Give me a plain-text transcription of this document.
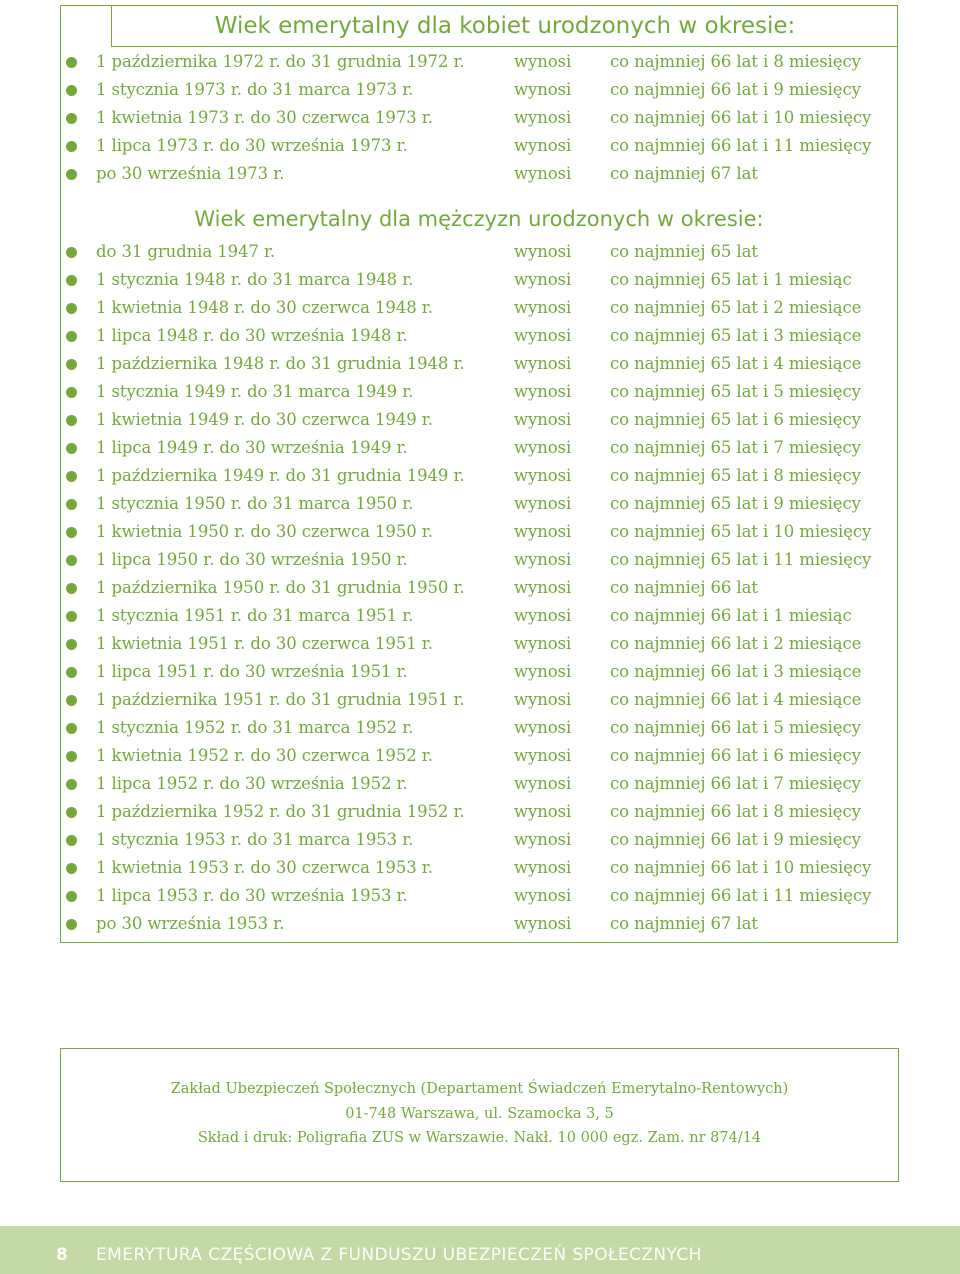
Wiek emerytalny dla kobiet urodzonych w okresie:
1 października 1972 r. do 31 grudnia 1972 r.	wynosi co najmniej 66 lat i 8 miesięcy
1 stycznia 1973 r. do 31 marca 1973 r.	wynosi co najmniej 66 lat i 9 miesięcy
1 kwietnia 1973 r. do 30 czerwca 1973 r.	wynosi co najmniej 66 lat i 10 miesięcy
1 lipca 1973 r. do 30 września 1973 r.	wynosi co najmniej 66 lat i 11 miesięcy
po 30 września 1973 r.	wynosi co najmniej 67 lat
Wiek emerytalny dla mężczyzn urodzonych w okresie:
do 31 grudnia 1947 r.	wynosi co najmniej 65 lat
1 stycznia 1948 r. do 31 marca 1948 r.	wynosi co najmniej 65 lat i 1 miesiąc
1 kwietnia 1948 r. do 30 czerwca 1948 r.	wynosi co najmniej 65 lat i 2 miesiące
1 lipca 1948 r. do 30 września 1948 r.	wynosi co najmniej 65 lat i 3 miesiące
1 października 1948 r. do 31 grudnia 1948 r.	wynosi co najmniej 65 lat i 4 miesiące
1 stycznia 1949 r. do 31 marca 1949 r.	wynosi co najmniej 65 lat i 5 miesięcy
1 kwietnia 1949 r. do 30 czerwca 1949 r.	wynosi co najmniej 65 lat i 6 miesięcy
1 lipca 1949 r. do 30 września 1949 r.	wynosi co najmniej 65 lat i 7 miesięcy
1 października 1949 r. do 31 grudnia 1949 r.	wynosi co najmniej 65 lat i 8 miesięcy
1 stycznia 1950 r. do 31 marca 1950 r.	wynosi co najmniej 65 lat i 9 miesięcy
1 kwietnia 1950 r. do 30 czerwca 1950 r.	wynosi co najmniej 65 lat i 10 miesięcy
1 lipca 1950 r. do 30 września 1950 r.	wynosi co najmniej 65 lat i 11 miesięcy
1 października 1950 r. do 31 grudnia 1950 r.	wynosi co najmniej 66 lat
1 stycznia 1951 r. do 31 marca 1951 r.	wynosi co najmniej 66 lat i 1 miesiąc
1 kwietnia 1951 r. do 30 czerwca 1951 r.	wynosi co najmniej 66 lat i 2 miesiące
1 lipca 1951 r. do 30 września 1951 r.	wynosi co najmniej 66 lat i 3 miesiące
1 października 1951 r. do 31 grudnia 1951 r.	wynosi co najmniej 66 lat i 4 miesiące
1 stycznia 1952 r. do 31 marca 1952 r.	wynosi co najmniej 66 lat i 5 miesięcy
1 kwietnia 1952 r. do 30 czerwca 1952 r.	wynosi co najmniej 66 lat i 6 miesięcy
1 lipca 1952 r. do 30 września 1952 r.	wynosi co najmniej 66 lat i 7 miesięcy
1 października 1952 r. do 31 grudnia 1952 r.	wynosi co najmniej 66 lat i 8 miesięcy
1 stycznia 1953 r. do 31 marca 1953 r.	wynosi co najmniej 66 lat i 9 miesięcy
1 kwietnia 1953 r. do 30 czerwca 1953 r.	wynosi co najmniej 66 lat i 10 miesięcy
1 lipca 1953 r. do 30 września 1953 r.	wynosi co najmniej 66 lat i 11 miesięcy
po 30 września 1953 r.	wynosi co najmniej 67 lat
Zakład Ubezpieczeń Społecznych (Departament Świadczeń Emerytalno-Rentowych)
01-748 Warszawa, ul. Szamocka 3, 5
Skład i druk: Poligrafia ZUS w Warszawie. Nakł. 10 000 egz. Zam. nr 874/14
8 EMERYTURA CZĘŚCIOWA Z FUNDUSZU UBEZPIECZEŃ SPOŁECZNYCH
